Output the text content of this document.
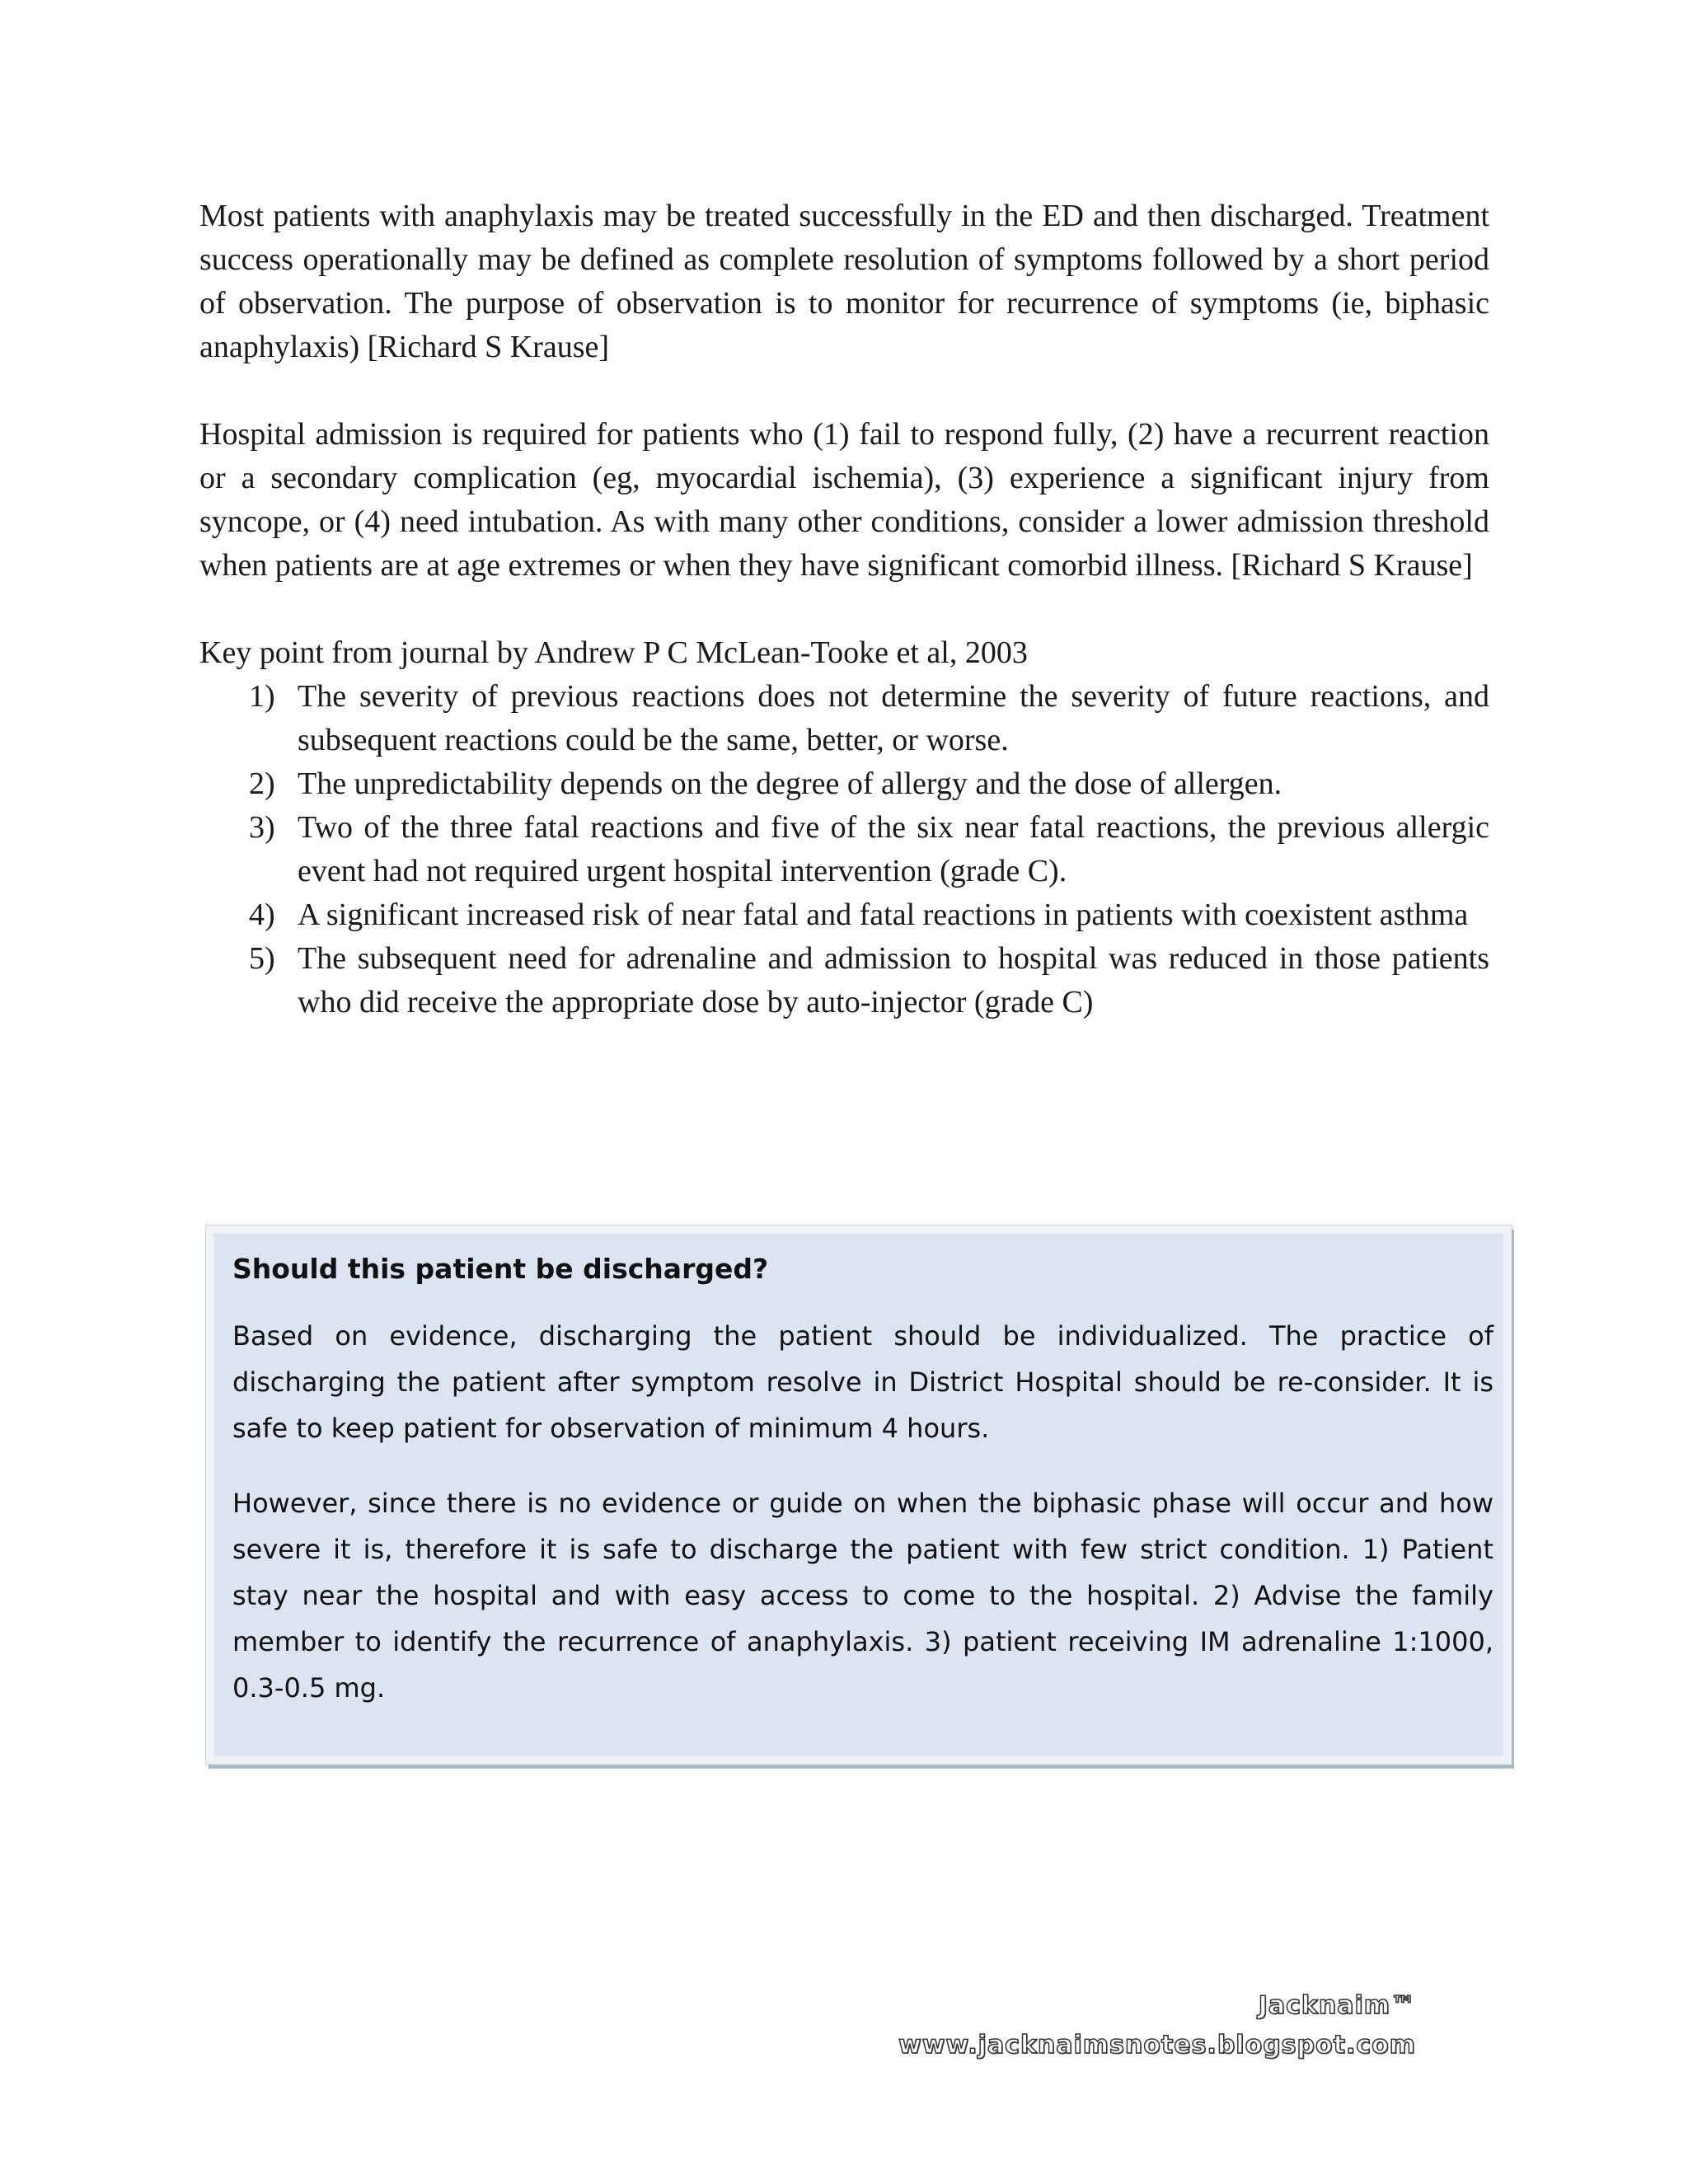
Most patients with anaphylaxis may be treated successfully in the ED and then discharged. Treatment success operationally may be defined as complete resolution of symptoms followed by a short period of observation. The purpose of observation is to monitor for recurrence of symptoms (ie, biphasic anaphylaxis) [Richard S Krause]

Hospital admission is required for patients who (1) fail to respond fully, (2) have a recurrent reaction or a secondary complication (eg, myocardial ischemia), (3) experience a significant injury from syncope, or (4) need intubation. As with many other conditions, consider a lower admission threshold when patients are at age extremes or when they have significant comorbid illness. [Richard S Krause]

Key point from journal by Andrew P C McLean-Tooke et al, 2003

1) The severity of previous reactions does not determine the severity of future reactions, and subsequent reactions could be the same, better, or worse.
2) The unpredictability depends on the degree of allergy and the dose of allergen.
3) Two of the three fatal reactions and five of the six near fatal reactions, the previous allergic event had not required urgent hospital intervention (grade C).
4) A significant increased risk of near fatal and fatal reactions in patients with coexistent asthma
5) The subsequent need for adrenaline and admission to hospital was reduced in those patients who did receive the appropriate dose by auto-injector (grade C)
Should this patient be discharged?

Based on evidence, discharging the patient should be individualized. The practice of discharging the patient after symptom resolve in District Hospital should be re-consider. It is safe to keep patient for observation of minimum 4 hours.

However, since there is no evidence or guide on when the biphasic phase will occur and how severe it is, therefore it is safe to discharge the patient with few strict condition. 1) Patient stay near the hospital and with easy access to come to the hospital. 2) Advise the family member to identify the recurrence of anaphylaxis. 3) patient receiving IM adrenaline 1:1000, 0.3-0.5 mg.

Jacknaim™
www.jacknaimsnotes.blogspot.com
